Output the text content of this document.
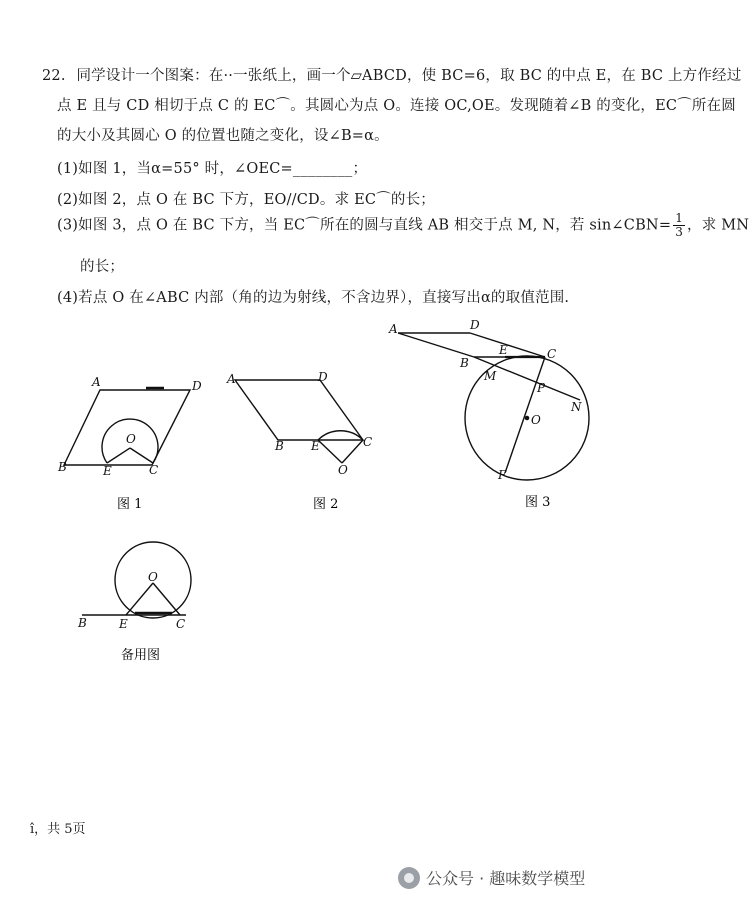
22. 同学设计一个图案：在··一张纸上，画一个▱ABCD，使 BC=6，取 BC 的中点 E，在 BC 上方作经过
点 E 且与 CD 相切于点 C 的 EC⌒。其圆心为点 O。连接 OC,OE。发现随着∠B 的变化，EC⌒所在圆
的大小及其圆心 O 的位置也随之变化，设∠B=α。
(1)如图 1，当α=55° 时，∠OEC=________；
(2)如图 2，点 O 在 BC 下方，EO//CD。求 EC⌒的长；
(3)如图 3，点 O 在 BC 下方，当 EC⌒所在的圆与直线 AB 相交于点 M, N，若 sin∠CBN= $\frac{1}{3}$ ，求 MN
的长；
(4)若点 O 在∠ABC 内部（角的边为射线，不含边界），直接写出α的取值范围.
A	D
B	E	C
O
图 1
A	D
B E	C
O
图 2
A	D
B
E	C
M
P
O
N
F
图 3
B	E	C
O
备用图
î，共 5页
公众号 · 趣味数学模型
